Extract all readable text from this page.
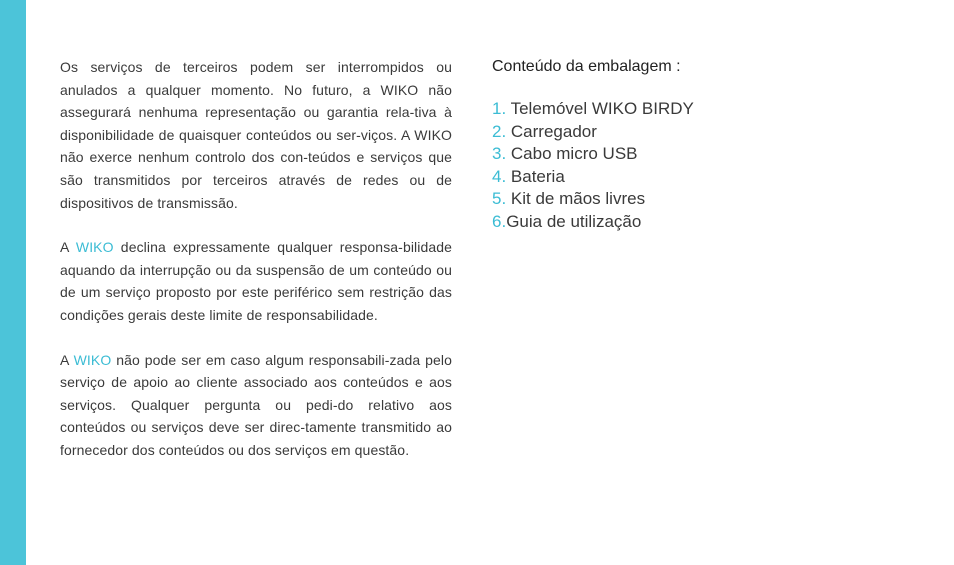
Os serviços de terceiros podem ser interrompidos ou anulados a qualquer momento. No futuro, a WIKO não assegurará nenhuma representação ou garantia rela-tiva à disponibilidade de quaisquer conteúdos ou ser-viços. A WIKO não exerce nenhum controlo dos con-teúdos e serviços que são transmitidos por terceiros através de redes ou de dispositivos de transmissão.

A WIKO declina expressamente qualquer responsa-bilidade aquando da interrupção ou da suspensão de um conteúdo ou de um serviço proposto por este periférico sem restrição das condições gerais deste limite de responsabilidade.

A WIKO não pode ser em caso algum responsabili-zada pelo serviço de apoio ao cliente associado aos conteúdos e aos serviços. Qualquer pergunta ou pedi-do relativo aos conteúdos ou serviços deve ser direc-tamente transmitido ao fornecedor dos conteúdos ou dos serviços em questão.

Conteúdo da embalagem :
1. Telemóvel WIKO BIRDY
2. Carregador
3. Cabo micro USB
4. Bateria
5. Kit de mãos livres
6.Guia de utilização
